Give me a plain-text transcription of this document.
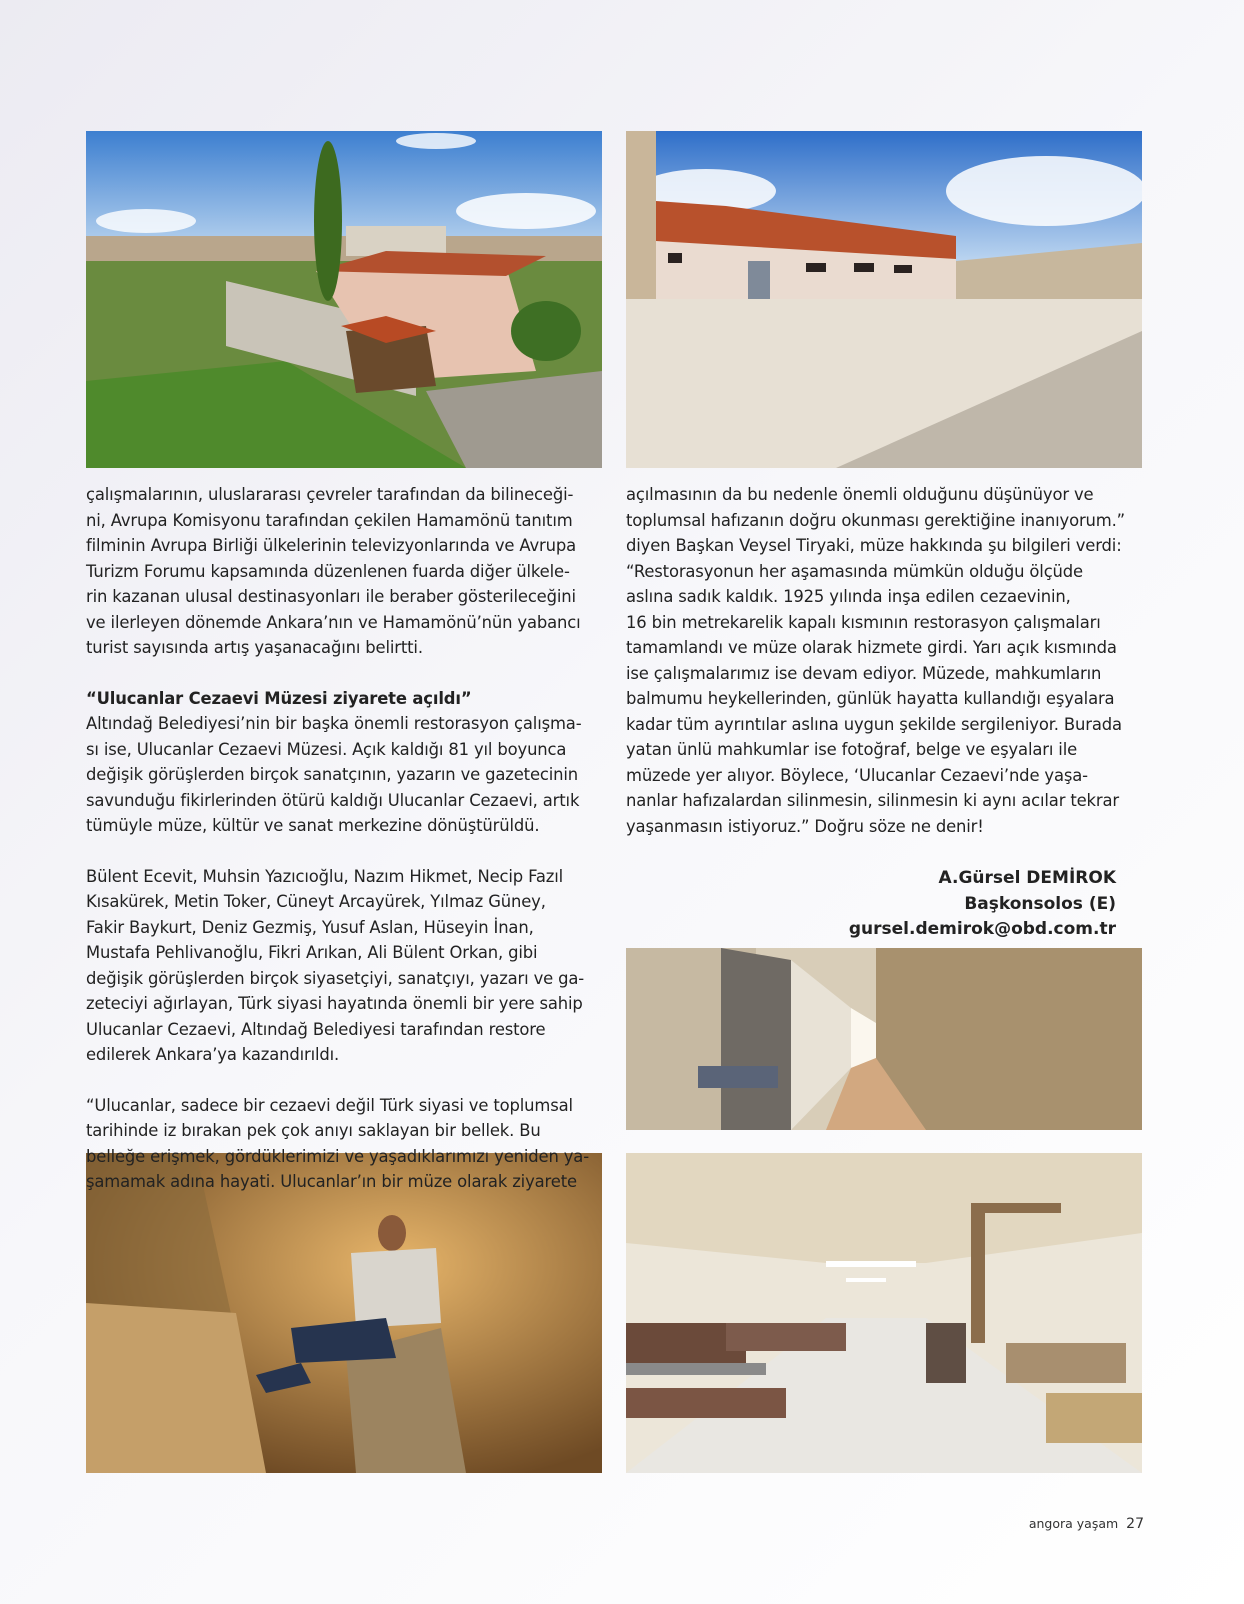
çalışmalarının, uluslararası çevreler tarafından da bilineceği-
ni, Avrupa Komisyonu tarafından çekilen Hamamönü tanıtım
filminin Avrupa Birliği ülkelerinin televizyonlarında ve Avrupa
Turizm Forumu kapsamında düzenlenen fuarda diğer ülkele-
rin kazanan ulusal destinasyonları ile beraber gösterileceğini
ve ilerleyen dönemde Ankara’nın ve Hamamönü’nün yabancı
turist sayısında artış yaşanacağını belirtti.

“Ulucanlar Cezaevi Müzesi ziyarete açıldı”

Altındağ Belediyesi’nin bir başka önemli restorasyon çalışma-
sı ise, Ulucanlar Cezaevi Müzesi. Açık kaldığı 81 yıl boyunca
değişik görüşlerden birçok sanatçının, yazarın ve gazetecinin
savunduğu fikirlerinden ötürü kaldığı Ulucanlar Cezaevi, artık
tümüyle müze, kültür ve sanat merkezine dönüştürüldü.

Bülent Ecevit, Muhsin Yazıcıoğlu, Nazım Hikmet, Necip Fazıl
Kısakürek, Metin Toker, Cüneyt Arcayürek, Yılmaz Güney,
Fakir Baykurt, Deniz Gezmiş, Yusuf Aslan, Hüseyin İnan,
Mustafa Pehlivanoğlu, Fikri Arıkan, Ali Bülent Orkan, gibi
değişik görüşlerden birçok siyasetçiyi, sanatçıyı, yazarı ve ga-
zeteciyi ağırlayan, Türk siyasi hayatında önemli bir yere sahip
Ulucanlar Cezaevi, Altındağ Belediyesi tarafından restore
edilerek Ankara’ya kazandırıldı.

“Ulucanlar, sadece bir cezaevi değil Türk siyasi ve toplumsal
tarihinde iz bırakan pek çok anıyı saklayan bir bellek. Bu
belleğe erişmek, gördüklerimizi ve yaşadıklarımızı yeniden ya-
şamamak adına hayati. Ulucanlar’ın bir müze olarak ziyarete

açılmasının da bu nedenle önemli olduğunu düşünüyor ve
toplumsal hafızanın doğru okunması gerektiğine inanıyorum.”
diyen Başkan Veysel Tiryaki, müze hakkında şu bilgileri verdi:
“Restorasyonun her aşamasında mümkün olduğu ölçüde
aslına sadık kaldık. 1925 yılında inşa edilen cezaevinin,
16 bin metrekarelik kapalı kısmının restorasyon çalışmaları
tamamlandı ve müze olarak hizmete girdi. Yarı açık kısmında
ise çalışmalarımız ise devam ediyor. Müzede, mahkumların
balmumu heykellerinden, günlük hayatta kullandığı eşyalara
kadar tüm ayrıntılar aslına uygun şekilde sergileniyor. Burada
yatan ünlü mahkumlar ise fotoğraf, belge ve eşyaları ile
müzede yer alıyor. Böylece, ‘Ulucanlar Cezaevi’nde yaşa-
nanlar hafızalardan silinmesin, silinmesin ki aynı acılar tekrar
yaşanmasın istiyoruz.” Doğru söze ne denir!

A.Gürsel DEMİROK
Başkonsolos (E)
gursel.demirok@obd.com.tr
angora yaşam 27
